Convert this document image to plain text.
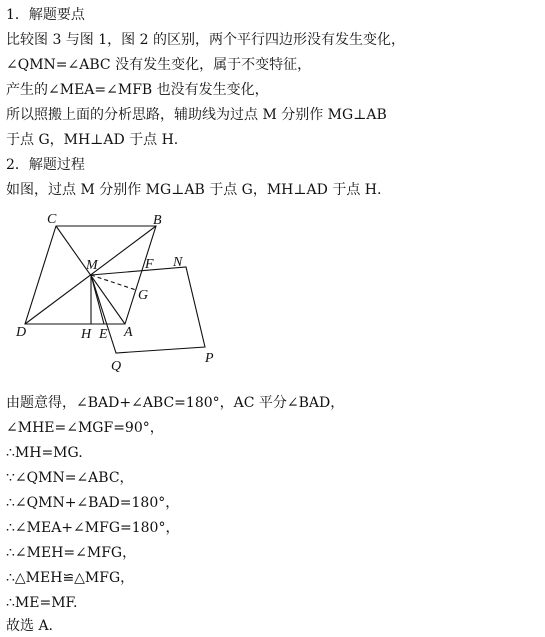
1．解题要点
比较图 3 与图 1，图 2 的区别，两个平行四边形没有发生变化，
∠QMN=∠ABC 没有发生变化，属于不变特征，
产生的∠MEA=∠MFB 也没有发生变化，
所以照搬上面的分析思路，辅助线为过点 M 分别作 MG⊥AB
于点 G，MH⊥AD 于点 H.
2．解题过程
如图，过点 M 分别作 MG⊥AB 于点 G，MH⊥AD 于点 H.
C	B
M	F N
G
D	H E A
Q
P
由题意得，∠BAD+∠ABC=180°，AC 平分∠BAD，
∠MHE=∠MGF=90°，
∴MH=MG.
∵∠QMN=∠ABC，
∴∠QMN+∠BAD=180°，
∴∠MEA+∠MFG=180°，
∴∠MEH=∠MFG，
∴△MEH≌△MFG，
∴ME=MF.
故选 A.
